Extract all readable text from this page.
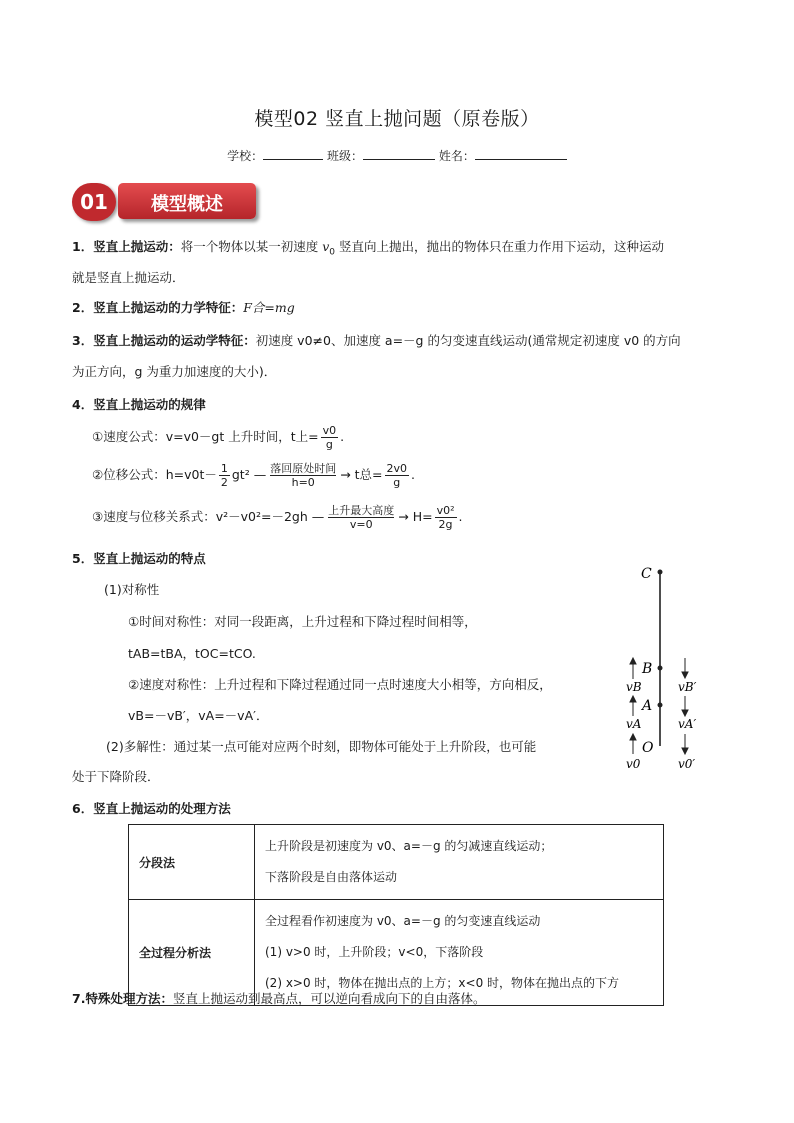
模型02 竖直上抛问题（原卷版）
学校：	班级：	姓名：
01	模型概述
1．竖直上抛运动：将一个物体以某一初速度 $v_0$ 竖直向上抛出，抛出的物体只在重力作用下运动，这种运动
就是竖直上抛运动．
2．竖直上抛运动的力学特征：F合=mg
3．竖直上抛运动的运动学特征：初速度 v0≠0、加速度 a=－g 的匀变速直线运动(通常规定初速度 v0 的方向
为正方向，g 为重力加速度的大小)．
4．竖直上抛运动的规律
①速度公式：v=v0－gt 上升时间，t上= $\frac{v0}{g}$ .
②位移公式：$h=v0t- \frac{1}{2} gt^2$ — 落回原处时间
h=0
→ t总= $\frac{2v0}{g}$ .
③速度与位移关系式：v²－v0²=－2gh — 上升最大高度
v=0
→ $H= \frac{\text{v0²}}{2g}$ .
5．竖直上抛运动的特点
(1)对称性
①时间对称性：对同一段距离，上升过程和下降过程时间相等，
tAB=tBA，tOC=tCO.
②速度对称性：上升过程和下降过程通过同一点时速度大小相等，方向相反，
vB=－vB′，vA=－vA′．
(2)多解性：通过某一点可能对应两个时刻，即物体可能处于上升阶段，也可能
处于下降阶段．
C
B
A
O
vB
vA
v0
vB′
vA′
v0′
6．竖直上抛运动的处理方法
分段法	上升阶段是初速度为 v0、a=－g 的匀减速直线运动；
下落阶段是自由落体运动

全过程分析法	全过程看作初速度为 v0、a=－g 的匀变速直线运动
(1) v>0 时，上升阶段；v<0，下落阶段
(2) x>0 时，物体在抛出点的上方；x<0 时，物体在抛出点的下方
7.特殊处理方法：竖直上抛运动到最高点，可以逆向看成向下的自由落体。
